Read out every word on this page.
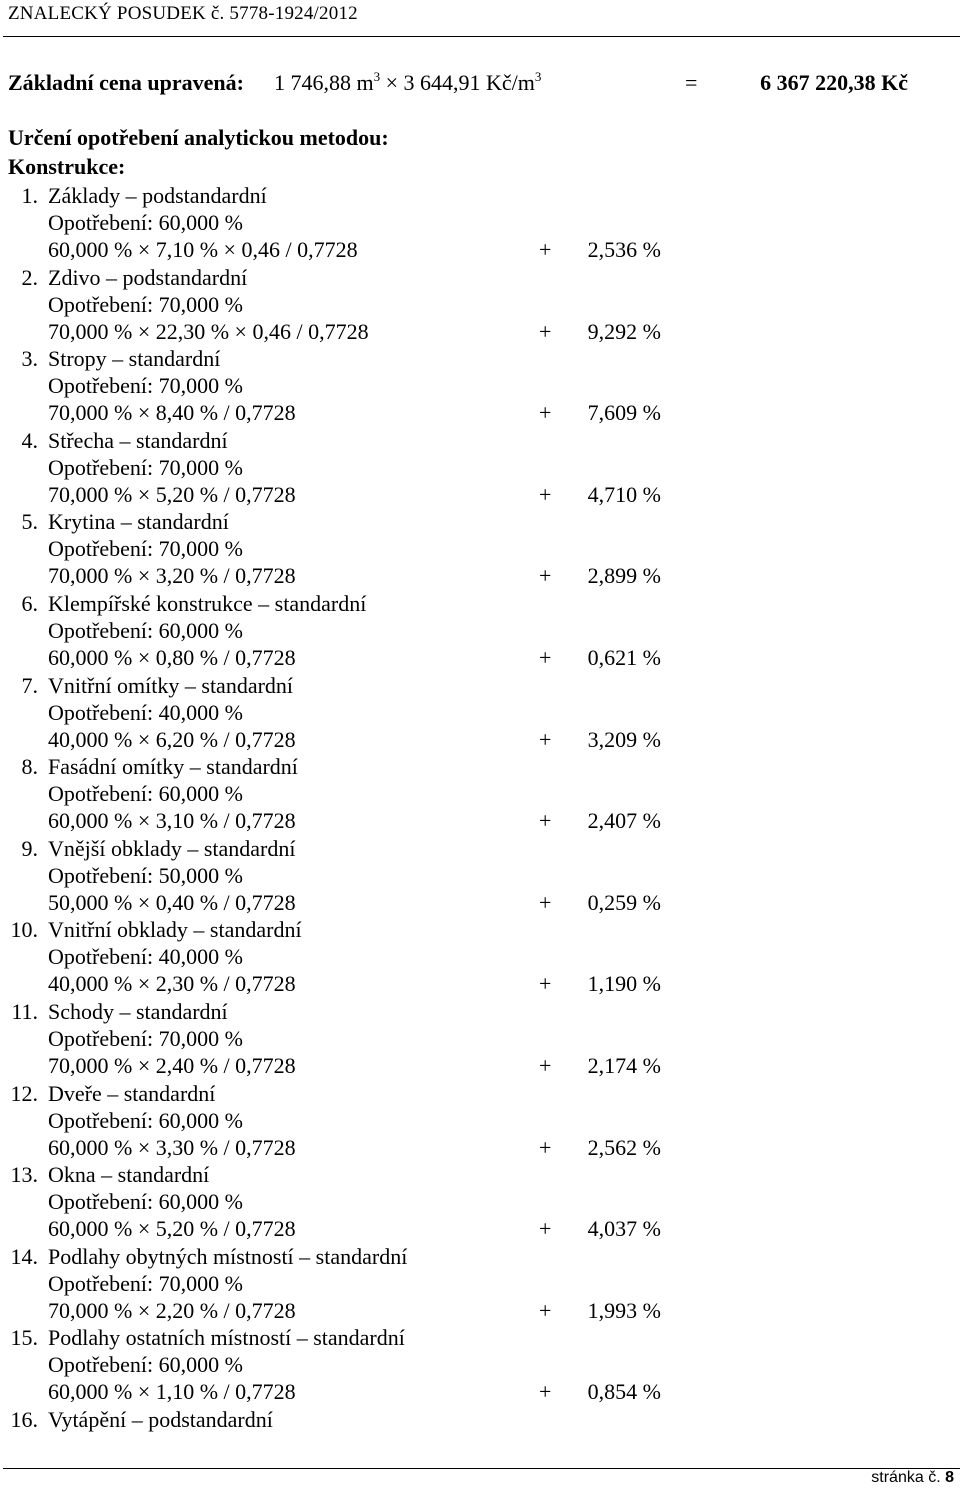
ZNALECKÝ POSUDEK č. 5778-1924/2012
Základní cena upravená: 1 746,88 $m^3 \times 3$ 644,91 $Kč/m^3$	=	6 367 220,38 Kč
Určení opotřebení analytickou metodou:
Konstrukce:
1. Základy – podstandardní
Opotřebení: 60,000 %
60,000 % × 7,10 % × 0,46 / 0,7728	+	2,536 %
2. Zdivo – podstandardní
Opotřebení: 70,000 %
70,000 % × 22,30 % × 0,46 / 0,7728	+	9,292 %
3. Stropy – standardní
Opotřebení: 70,000 %
70,000 % × 8,40 % / 0,7728	+	7,609 %
4. Střecha – standardní
Opotřebení: 70,000 %
70,000 % × 5,20 % / 0,7728	+	4,710 %
5. Krytina – standardní
Opotřebení: 70,000 %
70,000 % × 3,20 % / 0,7728	+	2,899 %
6. Klempířské konstrukce – standardní
Opotřebení: 60,000 %
60,000 % × 0,80 % / 0,7728	+	0,621 %
7. Vnitřní omítky – standardní
Opotřebení: 40,000 %
40,000 % × 6,20 % / 0,7728	+	3,209 %
8. Fasádní omítky – standardní
Opotřebení: 60,000 %
60,000 % × 3,10 % / 0,7728	+	2,407 %
9. Vnější obklady – standardní
Opotřebení: 50,000 %
50,000 % × 0,40 % / 0,7728	+	0,259 %
10. Vnitřní obklady – standardní
Opotřebení: 40,000 %
40,000 % × 2,30 % / 0,7728	+	1,190 %
11. Schody – standardní
Opotřebení: 70,000 %
70,000 % × 2,40 % / 0,7728	+	2,174 %
12. Dveře – standardní
Opotřebení: 60,000 %
60,000 % × 3,30 % / 0,7728	+	2,562 %
13. Okna – standardní
Opotřebení: 60,000 %
60,000 % × 5,20 % / 0,7728	+	4,037 %
14. Podlahy obytných místností – standardní
Opotřebení: 70,000 %
70,000 % × 2,20 % / 0,7728	+	1,993 %
15. Podlahy ostatních místností – standardní
Opotřebení: 60,000 %
60,000 % × 1,10 % / 0,7728	+	0,854 %
16. Vytápění – podstandardní
stránka č. 8
